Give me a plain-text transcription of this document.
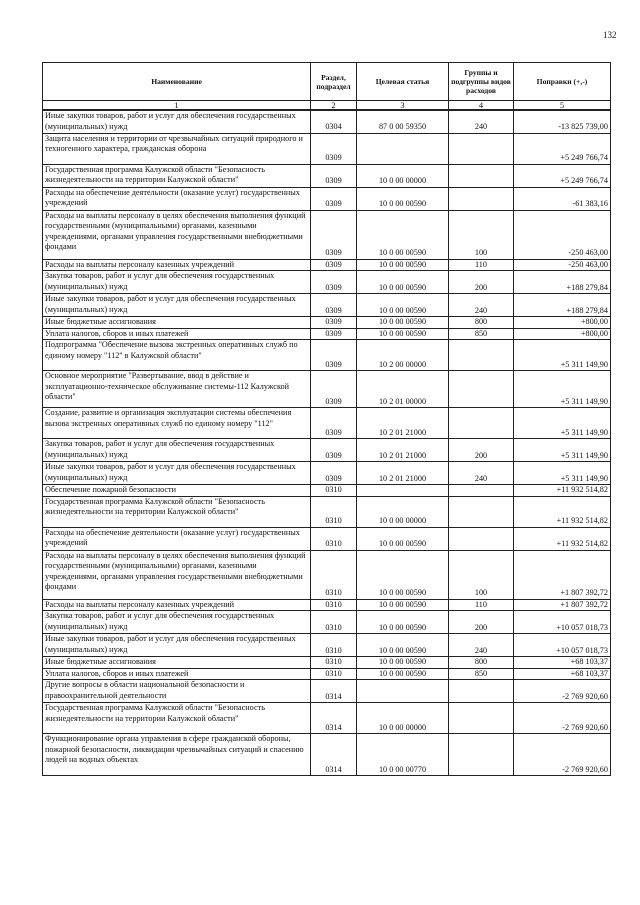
132
Наименование	Раздел, подраздел	Целевая статья	Группы и подгруппы видов расходов	Поправки (+,-)
1	2	3	4	5
Иные закупки товаров, работ и услуг для обеспечения государственных (муниципальных) нужд	0304	87 0 00 59350	240	-13 825 739,00
Защита населения и территории от чрезвычайных ситуаций природного и техногенного характера, гражданская оборона	0309			+5 249 766,74
Государственная программа Калужской области "Безопасность жизнедеятельности на территории Калужской области"	0309	10 0 00 00000		+5 249 766,74
Расходы на обеспечение деятельности (оказание услуг) государственных учреждений	0309	10 0 00 00590		-61 383,16
Расходы на выплаты персоналу в целях обеспечения выполнения функций государственными (муниципальными) органами, казенными учреждениями, органами управления государственными внебюджетными фондами	0309	10 0 00 00590	100	-250 463,00
Расходы на выплаты персоналу казенных учреждений	0309	10 0 00 00590	110	-250 463,00
Закупка товаров, работ и услуг для обеспечения государственных (муниципальных) нужд	0309	10 0 00 00590	200	+188 279,84
Иные закупки товаров, работ и услуг для обеспечения государственных (муниципальных) нужд	0309	10 0 00 00590	240	+188 279,84
Иные бюджетные ассигнования	0309	10 0 00 00590	800	+800,00
Уплата налогов, сборов и иных платежей	0309	10 0 00 00590	850	+800,00
Подпрограмма "Обеспечение вызова экстренных оперативных служб по единому номеру "112" в Калужской области"	0309	10 2 00 00000		+5 311 149,90
Основное мероприятие "Развертывание, ввод в действие и эксплуатационно-техническое обслуживание системы-112 Калужской области"	0309	10 2 01 00000		+5 311 149,90
Создание, развитие и организация эксплуатации системы обеспечения вызова экстренных оперативных служб по единому номеру "112"	0309	10 2 01 21000		+5 311 149,90
Закупка товаров, работ и услуг для обеспечения государственных (муниципальных) нужд	0309	10 2 01 21000	200	+5 311 149,90
Иные закупки товаров, работ и услуг для обеспечения государственных (муниципальных) нужд	0309	10 2 01 21000	240	+5 311 149,90
Обеспечение пожарной безопасности	0310			+11 932 514,82
Государственная программа Калужской области "Безопасность жизнедеятельности на территории Калужской области"	0310	10 0 00 00000		+11 932 514,82
Расходы на обеспечение деятельности (оказание услуг) государственных учреждений	0310	10 0 00 00590		+11 932 514,82
Расходы на выплаты персоналу в целях обеспечения выполнения функций государственными (муниципальными) органами, казенными учреждениями, органами управления государственными внебюджетными фондами	0310	10 0 00 00590	100	+1 807 392,72
Расходы на выплаты персоналу казенных учреждений	0310	10 0 00 00590	110	+1 807 392,72
Закупка товаров, работ и услуг для обеспечения государственных (муниципальных) нужд	0310	10 0 00 00590	200	+10 057 018,73
Иные закупки товаров, работ и услуг для обеспечения государственных (муниципальных) нужд	0310	10 0 00 00590	240	+10 057 018,73
Иные бюджетные ассигнования	0310	10 0 00 00590	800	+68 103,37
Уплата налогов, сборов и иных платежей	0310	10 0 00 00590	850	+68 103,37
Другие вопросы в области национальной безопасности и правоохранительной деятельности	0314			-2 769 920,60
Государственная программа Калужской области "Безопасность жизнедеятельности на территории Калужской области"	0314	10 0 00 00000		-2 769 920,60
Функционирование органа управления в сфере гражданской обороны, пожарной безопасности, ликвидации чрезвычайных ситуаций и спасению людей на водных объектах	0314	10 0 00 00770		-2 769 920,60
